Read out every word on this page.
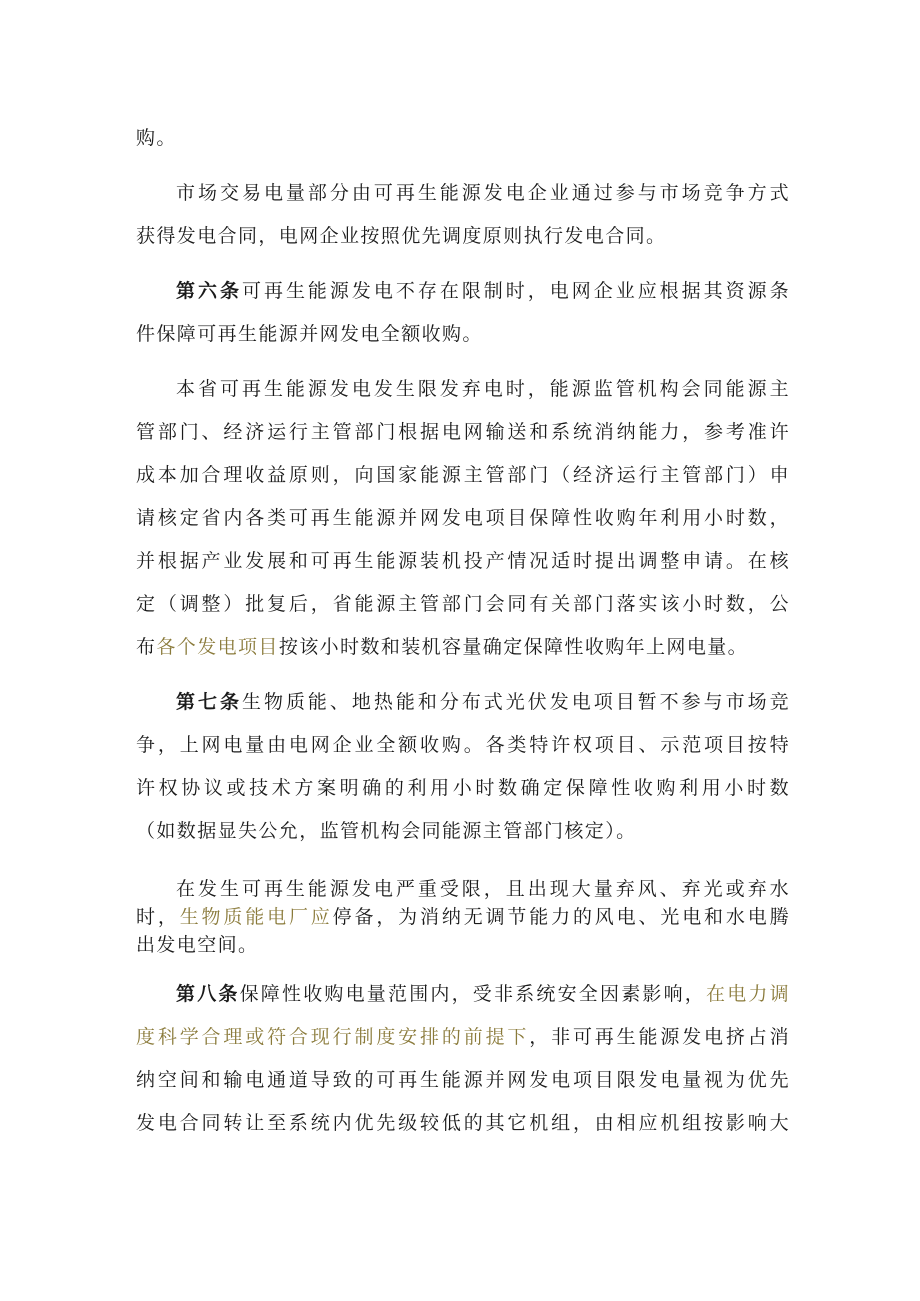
购。

市场交易电量部分由可再生能源发电企业通过参与市场竞争方式

获得发电合同，电网企业按照优先调度原则执行发电合同。

第六条可再生能源发电不存在限制时，电网企业应根据其资源条

件保障可再生能源并网发电全额收购。

本省可再生能源发电发生限发弃电时，能源监管机构会同能源主

管部门、经济运行主管部门根据电网输送和系统消纳能力，参考准许

成本加合理收益原则，向国家能源主管部门（经济运行主管部门）申

请核定省内各类可再生能源并网发电项目保障性收购年利用小时数，

并根据产业发展和可再生能源装机投产情况适时提出调整申请。在核

定（调整）批复后，省能源主管部门会同有关部门落实该小时数，公

布各个发电项目按该小时数和装机容量确定保障性收购年上网电量。

第七条生物质能、地热能和分布式光伏发电项目暂不参与市场竞

争，上网电量由电网企业全额收购。各类特许权项目、示范项目按特

许权协议或技术方案明确的利用小时数确定保障性收购利用小时数

（如数据显失公允，监管机构会同能源主管部门核定）。

在发生可再生能源发电严重受限，且出现大量弃风、弃光或弃水

时，生物质能电厂应停备，为消纳无调节能力的风电、光电和水电腾

出发电空间。

第八条保障性收购电量范围内，受非系统安全因素影响，在电力调

度科学合理或符合现行制度安排的前提下，非可再生能源发电挤占消

纳空间和输电通道导致的可再生能源并网发电项目限发电量视为优先

发电合同转让至系统内优先级较低的其它机组，由相应机组按影响大
